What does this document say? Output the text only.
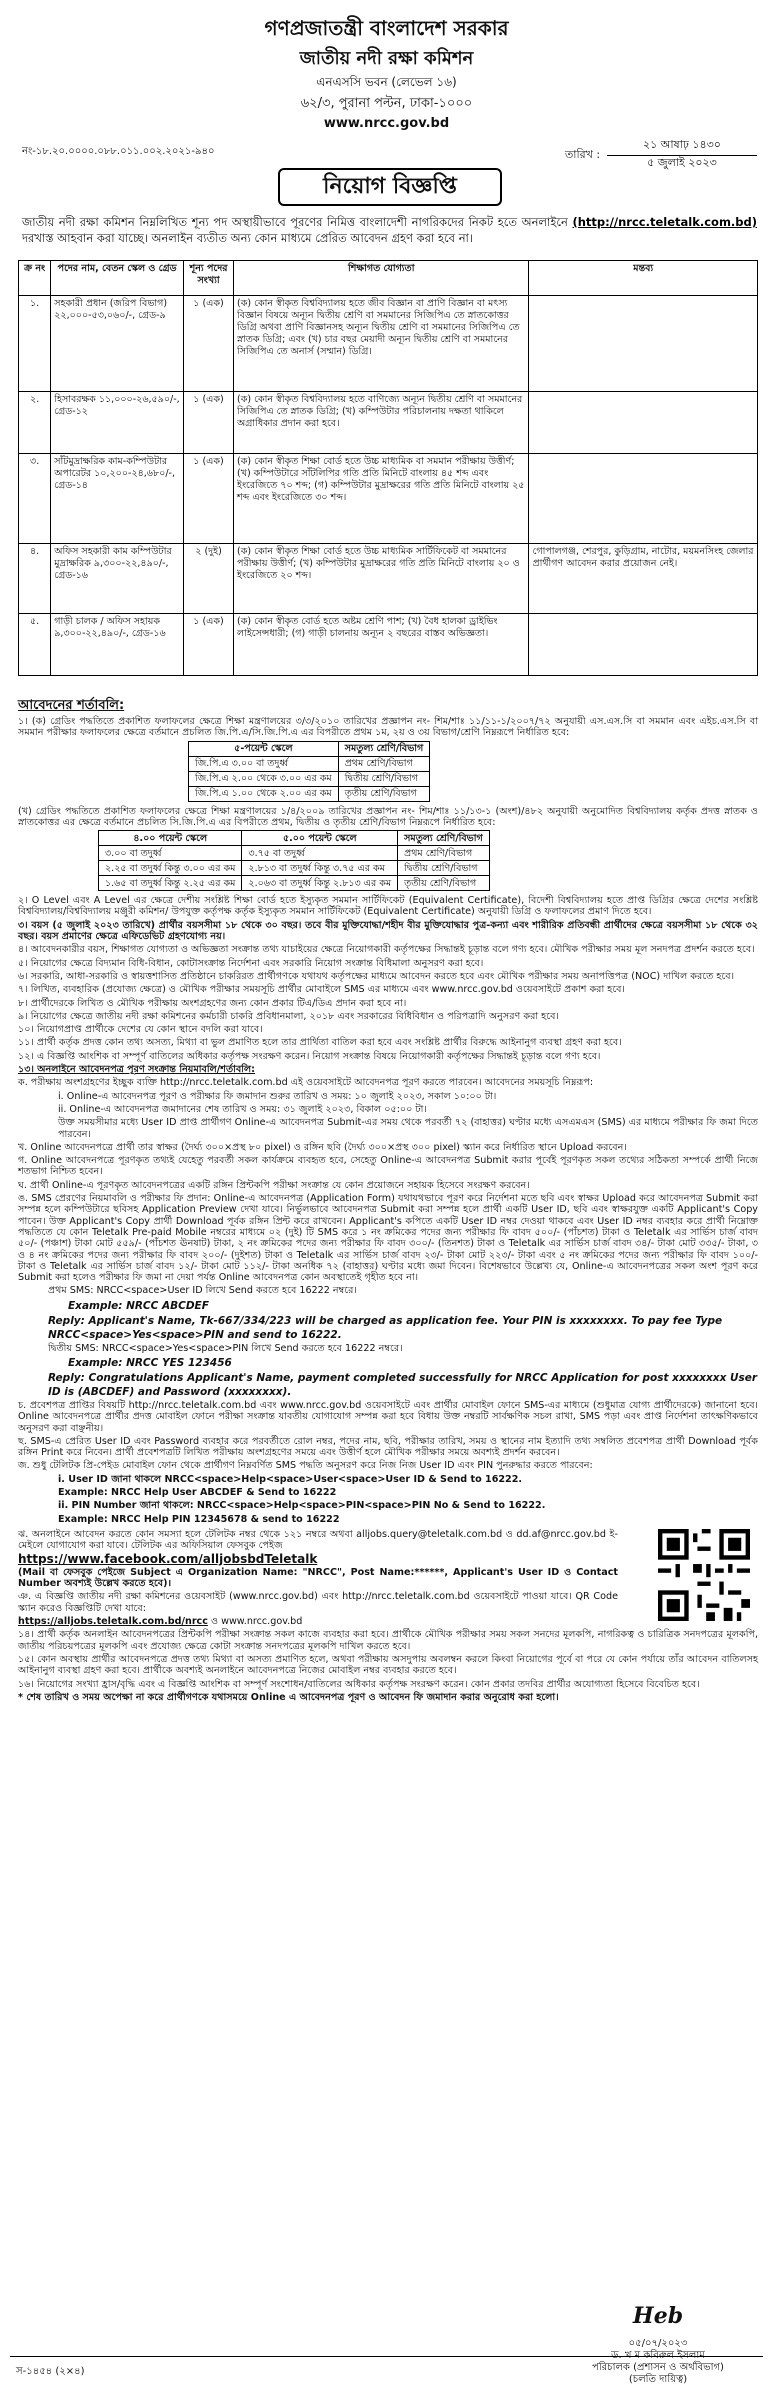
গণপ্রজাতন্ত্রী বাংলাদেশ সরকার
জাতীয় নদী রক্ষা কমিশন
এনএসসি ভবন (লেভেল ১৬)
৬২/৩, পুরানা পল্টন, ঢাকা-১০০০
www.nrcc.gov.bd
নং-১৮.২০.০০০০.০৮৮.০১১.০০২.২০২১-৯৪০	তারিখ :
২১ আষাঢ় ১৪৩০
৫ জুলাই ২০২৩
নিয়োগ বিজ্ঞপ্তি
জাতীয় নদী রক্ষা কমিশন নিম্নলিখিত শূন্য পদ অস্থায়ীভাবে পূরণের নিমিত্ত বাংলাদেশী নাগরিকদের নিকট হতে অনলাইনে (http://nrcc.teletalk.com.bd) দরখাস্ত আহবান করা যাচ্ছে। অনলাইন ব্যতীত অন্য কোন মাধ্যমে প্রেরিত আবেদন গ্রহণ করা হবে না।
ক্র নং	পদের নাম, বেতন স্কেল ও গ্রেড	শূন্য পদের সংখ্যা	শিক্ষাগত যোগ্যতা	মন্তব্য
১.	সহকারী প্রধান (জরিপ বিভাগ) ২২,০০০-৫৩,০৬০/-, গ্রেড-৯	১ (এক)	(ক) কোন স্বীকৃত বিশ্ববিদ্যালয় হতে জীব বিজ্ঞান বা প্রাণি বিজ্ঞান বা মৎস্য বিজ্ঞান বিষয়ে অন্যূন দ্বিতীয় শ্রেণি বা সমমানের সিজিপিএ তে স্নাতকোত্তর ডিগ্রি অথবা প্রাণি বিজ্ঞানসহ অন্যূন দ্বিতীয় শ্রেণি বা সমমানের সিজিপিএ তে স্নাতক ডিগ্রি; এবং (খ) চার বছর মেয়াদী অন্যূন দ্বিতীয় শ্রেণি বা সমমানের সিজিপিএ তে অনার্স (সম্মান) ডিগ্রি।	
২.	হিসাবরক্ষক ১১,০০০-২৬,৫৯০/-, গ্রেড-১২	১ (এক)	(ক) কোন স্বীকৃত বিশ্ববিদ্যালয় হতে বাণিজ্যে অন্যূন দ্বিতীয় শ্রেণি বা সমমানের সিজিপিএ তে স্নাতক ডিগ্রি; (খ) কম্পিউটার পরিচালনায় দক্ষতা থাকিলে অগ্রাধিকার প্রদান করা হবে।	
৩.	সাঁটমুদ্রাক্ষরিক কাম-কম্পিউটার অপারেটর ১০,২০০-২৪,৬৮০/-, গ্রেড-১৪	১ (এক)	(ক) কোন স্বীকৃত শিক্ষা বোর্ড হতে উচ্চ মাধ্যমিক বা সমমান পরীক্ষায় উত্তীর্ণ; (খ) কম্পিউটারে সাঁটলিপির গতি প্রতি মিনিটে বাংলায় ৪৫ শব্দ এবং ইংরেজিতে ৭০ শব্দ; (গ) কম্পিউটার মুদ্রাক্ষরের গতি প্রতি মিনিটে বাংলায় ২৫ শব্দ এবং ইংরেজিতে ৩০ শব্দ।	
৪.	অফিস সহকারী কাম কম্পিউটার মুদ্রাক্ষরিক ৯,৩০০-২২,৪৯০/-, গ্রেড-১৬	২ (দুই)	(ক) কোন স্বীকৃত শিক্ষা বোর্ড হতে উচ্চ মাধ্যমিক সার্টিফিকেট বা সমমানের পরীক্ষায় উত্তীর্ণ; (খ) কম্পিউটার মুদ্রাক্ষরের গতি প্রতি মিনিটে বাংলায় ২০ ও ইংরেজিতে ২০ শব্দ।	গোপালগঞ্জ, শেরপুর, কুড়িগ্রাম, নাটোর, ময়মনসিংহ জেলার প্রার্থীগণ আবেদন করার প্রয়োজন নেই।
৫.	গাড়ী চালক / অফিস সহায়ক ৯,৩০০-২২,৪৯০/-, গ্রেড-১৬	১ (এক)	(ক) কোন স্বীকৃত বোর্ড হতে অষ্টম শ্রেণি পাশ; (খ) বৈধ হালকা ড্রাইভিং লাইসেন্সধারী; (গ) গাড়ী চালনায় অন্যূন ২ বছরের বাস্তব অভিজ্ঞতা।	
আবেদনের শর্তাবলি:

১। (ক) গ্রেডিং পদ্ধতিতে প্রকাশিত ফলাফলের ক্ষেত্রে শিক্ষা মন্ত্রণালয়ের ৩/৩/২০১০ তারিখের প্রজ্ঞাপন নং- শিম/শাঃ ১১/১১-১/২০০৭/৭২ অনুযায়ী এস.এস.সি বা সমমান এবং এইচ.এস.সি বা সমমান পরীক্ষার ফলাফলের ক্ষেত্রে বর্তমানে প্রচলিত জি.পি.এ/সি.জি.পি.এ এর বিপরীতে প্রথম ১ম, ২য় ও ৩য় বিভাগ/শ্রেণি নিম্নরূপে নির্ধারিত হবে:

৫-পয়েন্ট স্কেলে	সমতুল্য শ্রেণি/বিভাগ
জি.পি.এ ৩.০০ বা তদুর্ধ্ব	প্রথম শ্রেণি/বিভাগ
জি.পি.এ ২.০০ থেকে ৩.০০ এর কম	দ্বিতীয় শ্রেণি/বিভাগ
জি.পি.এ ১.০০ থেকে ২.০০ এর কম	তৃতীয় শ্রেণি/বিভাগ

(খ) গ্রেডিং পদ্ধতিতে প্রকাশিত ফলাফলের ক্ষেত্রে শিক্ষা মন্ত্রণালয়ের ১/৪/২০০৯ তারিখের প্রজ্ঞাপন নং- শিম/শাঃ ১১/১৩-১ (অংশ)/৪৮২ অনুযায়ী অনুমোদিত বিশ্ববিদ্যালয় কর্তৃক প্রদত্ত স্নাতক ও স্নাতকোত্তর এর ক্ষেত্রে বর্তমানে প্রচলিত সি.জি.পি.এ এর বিপরীতে প্রথম, দ্বিতীয় ও তৃতীয় শ্রেণি/বিভাগ নিম্নরূপে নির্ধারিত হবে:

৪.০০ পয়েন্ট স্কেলে	৫.০০ পয়েন্ট স্কেলে	সমতুল্য শ্রেণি/বিভাগ
৩.০০ বা তদুর্ধ্ব	৩.৭৫ বা তদুর্ধ্ব	প্রথম শ্রেণি/বিভাগ
২.২৫ বা তদুর্ধ্ব কিন্তু ৩.০০ এর কম	২.৮১৩ বা তদুর্ধ্ব কিন্তু ৩.৭৫ এর কম	দ্বিতীয় শ্রেণি/বিভাগ
১.৬৫ বা তদুর্ধ্ব কিন্তু ২.২৫ এর কম	২.০৬৩ বা তদুর্ধ্ব কিন্তু ২.৮১৩ এর কম	তৃতীয় শ্রেণি/বিভাগ

২। O Level এবং A Level এর ক্ষেত্রে দেশীয় সংশ্লিষ্ট শিক্ষা বোর্ড হতে ইস্যুকৃত সমমান সার্টিফিকেট (Equivalent Certificate), বিদেশী বিশ্ববিদ্যালয় হতে প্রাপ্ত ডিগ্রির ক্ষেত্রে দেশের সংশ্লিষ্ট বিশ্ববিদ্যালয়/বিশ্ববিদ্যালয় মঞ্জুরী কমিশন/ উপযুক্ত কর্তৃপক্ষ কর্তৃক ইস্যুকৃত সমমান সার্টিফিকেট (Equivalent Certificate) অনুযায়ী ডিগ্রি ও ফলাফলের প্রমাণ দিতে হবে।

৩। বয়স (৫ জুলাই ২০২৩ তারিখে) প্রার্থীর বয়সসীমা ১৮ থেকে ৩০ বছর। তবে বীর মুক্তিযোদ্ধা/শহীদ বীর মুক্তিযোদ্ধার পুত্র-কন্যা এবং শারীরিক প্রতিবন্ধী প্রার্থীদের ক্ষেত্রে বয়সসীমা ১৮ থেকে ৩২ বছর। বয়স প্রমাণের ক্ষেত্রে এফিডেভিট গ্রহণযোগ্য নয়।

৪। আবেদনকারীর বয়স, শিক্ষাগত যোগ্যতা ও অভিজ্ঞতা সংক্রান্ত তথ্য যাচাইয়ের ক্ষেত্রে নিয়োগকারী কর্তৃপক্ষের সিদ্ধান্তই চূড়ান্ত বলে গণ্য হবে। মৌখিক পরীক্ষার সময় মূল সনদপত্র প্রদর্শন করতে হবে।

৫। নিয়োগের ক্ষেত্রে বিদ্যমান বিধি-বিধান, কোটাসংক্রান্ত নির্দেশনা এবং সরকারি নিয়োগ সংক্রান্ত বিধিমালা অনুসরণ করা হবে।

৬। সরকারি, আধা-সরকারি ও স্বায়ত্তশাসিত প্রতিষ্ঠানে চাকরিরত প্রার্থীগণকে যথাযথ কর্তৃপক্ষের মাধ্যমে আবেদন করতে হবে এবং মৌখিক পরীক্ষার সময় অনাপত্তিপত্র (NOC) দাখিল করতে হবে।

৭। লিখিত, ব্যবহারিক (প্রযোজ্য ক্ষেত্রে) ও মৌখিক পরীক্ষার সময়সূচি প্রার্থীর মোবাইলে SMS এর মাধ্যমে এবং www.nrcc.gov.bd ওয়েবসাইটে প্রকাশ করা হবে।

৮। প্রার্থীদেরকে লিখিত ও মৌখিক পরীক্ষায় অংশগ্রহণের জন্য কোন প্রকার টিএ/ডিএ প্রদান করা হবে না।

৯। নিয়োগের ক্ষেত্রে জাতীয় নদী রক্ষা কমিশনের কর্মচারী চাকরি প্রবিধানমালা, ২০১৮ এবং সরকারের বিধিবিধান ও পরিপত্রাদি অনুসরণ করা হবে।

১০। নিয়োগপ্রাপ্ত প্রার্থীকে দেশের যে কোন স্থানে বদলি করা যাবে।

১১। প্রার্থী কর্তৃক প্রদত্ত কোন তথ্য অসত্য, মিথ্যা বা ভুল প্রমাণিত হলে তার প্রার্থিতা বাতিল করা হবে এবং সংশ্লিষ্ট প্রার্থীর বিরুদ্ধে আইনানুগ ব্যবস্থা গ্রহণ করা হবে।

১২। এ বিজ্ঞপ্তি আংশিক বা সম্পূর্ণ বাতিলের অধিকার কর্তৃপক্ষ সংরক্ষণ করেন। নিয়োগ সংক্রান্ত বিষয়ে নিয়োগকারী কর্তৃপক্ষের সিদ্ধান্তই চূড়ান্ত বলে গণ্য হবে।

১৩। অনলাইনে আবেদনপত্র পূরণ সংক্রান্ত নিয়মাবলি/শর্তাবলি:

ক. পরীক্ষায় অংশগ্রহণের ইচ্ছুক ব্যক্তি http://nrcc.teletalk.com.bd এই ওয়েবসাইটে আবেদনপত্র পূরণ করতে পারবেন। আবেদনের সময়সূচি নিম্নরূপ:

i. Online-এ আবেদনপত্র পূরণ ও পরীক্ষার ফি জমাদান শুরুর তারিখ ও সময়: ১০ জুলাই ২০২৩, সকাল ১০:০০ টা।

ii. Online-এ আবেদনপত্র জমাদানের শেষ তারিখ ও সময়: ৩১ জুলাই ২০২৩, বিকাল ০৫:০০ টা।

উক্ত সময়সীমার মধ্যে User ID প্রাপ্ত প্রার্থীগণ Online-এ আবেদনপত্র Submit-এর সময় থেকে পরবর্তী ৭২ (বাহাত্তর) ঘণ্টার মধ্যে এসএমএস (SMS) এর মাধ্যমে পরীক্ষার ফি জমা দিতে পারবেন।

খ. Online আবেদনপত্রে প্রার্থী তার স্বাক্ষর (দৈর্ঘ্য ৩০০×প্রস্থ ৮০ pixel) ও রঙ্গিন ছবি (দৈর্ঘ্য ৩০০×প্রস্থ ৩০০ pixel) স্ক্যান করে নির্ধারিত স্থানে Upload করবেন।

গ. Online আবেদনপত্রে পূরণকৃত তথ্যই যেহেতু পরবর্তী সকল কার্যক্রমে ব্যবহৃত হবে, সেহেতু Online-এ আবেদনপত্র Submit করার পূর্বেই পূরণকৃত সকল তথ্যের সঠিকতা সম্পর্কে প্রার্থী নিজে শতভাগ নিশ্চিত হবেন।

ঘ. প্রার্থী Online-এ পূরণকৃত আবেদনপত্রের একটি রঙ্গিন প্রিন্টকপি পরীক্ষা সংক্রান্ত যে কোন প্রয়োজনে সহায়ক হিসেবে সংরক্ষণ করবেন।

ঙ. SMS প্রেরণের নিয়মাবলি ও পরীক্ষার ফি প্রদান: Online-এ আবেদনপত্র (Application Form) যথাযথভাবে পূরণ করে নির্দেশনা মতে ছবি এবং স্বাক্ষর Upload করে আবেদনপত্র Submit করা সম্পন্ন হলে কম্পিউটারে ছবিসহ Application Preview দেখা যাবে। নির্ভুলভাবে আবেদনপত্র Submit করা সম্পন্ন হলে প্রার্থী একটি User ID, ছবি এবং স্বাক্ষরযুক্ত একটি Applicant's Copy পাবেন। উক্ত Applicant's Copy প্রার্থী Download পূর্বক রঙ্গিন প্রিন্ট করে রাখবেন। Applicant's কপিতে একটি User ID নম্বর দেওয়া থাকবে এবং User ID নম্বর ব্যবহার করে প্রার্থী নিম্নোক্ত পদ্ধতিতে যে কোন Teletalk Pre-paid Mobile নম্বরের মাধ্যমে ০২ (দুই) টি SMS করে ১ নং ক্রমিকের পদের জন্য পরীক্ষার ফি বাবদ ৫০০/- (পাঁচশত) টাকা ও Teletalk এর সার্ভিস চার্জ বাবদ ৫০/- (পঞ্চাশ) টাকা মোট ৫৫৯/- (পাঁচশত ঊনষাট) টাকা, ২ নং ক্রমিকের পদের জন্য পরীক্ষার ফি বাবদ ৩০০/- (তিনশত) টাকা ও Teletalk এর সার্ভিস চার্জ বাবদ ৩৪/- টাকা মোট ৩৩৫/- টাকা, ৩ ও ৪ নং ক্রমিকের পদের জন্য পরীক্ষার ফি বাবদ ২০০/- (দুইশত) টাকা ও Teletalk এর সার্ভিস চার্জ বাবদ ২৩/- টাকা মোট ২২৩/- টাকা এবং ৫ নং ক্রমিকের পদের জন্য পরীক্ষার ফি বাবদ ১০০/- টাকা ও Teletalk এর সার্ভিস চার্জ বাবদ ১২/- টাকা মোট ১১২/- টাকা অনধিক ৭২ (বাহাত্তর) ঘণ্টার মধ্যে জমা দিবেন। বিশেষভাবে উল্লেখ্য যে, Online-এ আবেদনপত্রের সকল অংশ পূরণ করে Submit করা হলেও পরীক্ষার ফি জমা না দেয়া পর্যন্ত Online আবেদনপত্র কোন অবস্থাতেই গৃহীত হবে না।

প্রথম SMS: NRCC<space>User ID লিখে Send করতে হবে 16222 নম্বরে।

Example: NRCC ABCDEF
Reply: Applicant's Name, Tk-667/334/223 will be charged as application fee. Your PIN is xxxxxxxx. To pay fee Type NRCC<space>Yes<space>PIN and send to 16222.

দ্বিতীয় SMS: NRCC<space>Yes<space>PIN লিখে Send করতে হবে 16222 নম্বরে।

Example: NRCC YES 123456
Reply: Congratulations Applicant's Name, payment completed successfully for NRCC Application for post xxxxxxxx User ID is (ABCDEF) and Password (xxxxxxxx).

চ. প্রবেশপত্র প্রাপ্তির বিষয়টি http://nrcc.teletalk.com.bd এবং www.nrcc.gov.bd ওয়েবসাইটে এবং প্রার্থীর মোবাইল ফোনে SMS-এর মাধ্যমে (শুধুমাত্র যোগ্য প্রার্থীদেরকে) জানানো হবে। Online আবেদনপত্রে প্রার্থীর প্রদত্ত মোবাইল ফোনে পরীক্ষা সংক্রান্ত যাবতীয় যোগাযোগ সম্পন্ন করা হবে বিধায় উক্ত নম্বরটি সার্বক্ষণিক সচল রাখা, SMS পড়া এবং প্রাপ্ত নির্দেশনা তাৎক্ষণিকভাবে অনুসরণ করা বাঞ্ছনীয়।

ছ. SMS-এ প্রেরিত User ID এবং Password ব্যবহার করে পরবর্তীতে রোল নম্বর, পদের নাম, ছবি, পরীক্ষার তারিখ, সময় ও স্থানের নাম ইত্যাদি তথ্য সম্বলিত প্রবেশপত্র প্রার্থী Download পূর্বক রঙ্গিন Print করে নিবেন। প্রার্থী প্রবেশপত্রটি লিখিত পরীক্ষায় অংশগ্রহণের সময়ে এবং উত্তীর্ণ হলে মৌখিক পরীক্ষার সময়ে অবশ্যই প্রদর্শন করবেন।

জ. শুধু টেলিটক প্রি-পেইড মোবাইল ফোন থেকে প্রার্থীগণ নিম্নবর্ণিত SMS পদ্ধতি অনুসরণ করে নিজ নিজ User ID এবং PIN পুনরুদ্ধার করতে পারবেন:

i. User ID জানা থাকলে NRCC<space>Help<space>User<space>User ID & Send to 16222.

Example: NRCC Help User ABCDEF & Send to 16222

ii. PIN Number জানা থাকলে: NRCC<space>Help<space>PIN<space>PIN No & Send to 16222.

Example: NRCC Help PIN 12345678 & send to 16222

ঝ. অনলাইনে আবেদন করতে কোন সমস্যা হলে টেলিটক নম্বর থেকে ১২১ নম্বরে অথবা alljobs.query@teletalk.com.bd ও dd.af@nrcc.gov.bd ই-মেইলে যোগাযোগ করা যাবে। টেলিটক এর অফিসিয়াল ফেসবুক পেইজ

https://www.facebook.com/alljobsbdTeletalk

(Mail বা ফেসবুক পেইজে Subject এ Organization Name: "NRCC", Post Name:******, Applicant's User ID ও Contact Number অবশ্যই উল্লেখ করতে হবে)।

ঞ. এ বিজ্ঞপ্তি জাতীয় নদী রক্ষা কমিশনের ওয়েবসাইট (www.nrcc.gov.bd) এবং http://nrcc.teletalk.com.bd ওয়েবসাইটে পাওয়া যাবে। QR Code স্ক্যান করেও বিজ্ঞপ্তিটি দেখা যাবে:

https://alljobs.teletalk.com.bd/nrcc ও www.nrcc.gov.bd

১৪। প্রার্থী কর্তৃক অনলাইন আবেদনপত্রের প্রিন্টকপি পরীক্ষা সংক্রান্ত সকল কাজে ব্যবহার করা হবে। প্রার্থীকে মৌখিক পরীক্ষার সময় সকল সনদের মূলকপি, নাগরিকত্ব ও চারিত্রিক সনদপত্রের মূলকপি, জাতীয় পরিচয়পত্রের মূলকপি এবং প্রযোজ্য ক্ষেত্রে কোটা সংক্রান্ত সনদপত্রের মূলকপি দাখিল করতে হবে।

১৫। কোন অবস্থায় প্রার্থীর আবেদনপত্রে প্রদত্ত তথ্য মিথ্যা বা অসত্য প্রমাণিত হলে, অথবা পরীক্ষায় অসদুপায় অবলম্বন করলে কিংবা নিয়োগের পূর্বে বা পরে যে কোন পর্যায়ে তাঁর আবেদন বাতিলসহ আইনানুগ ব্যবস্থা গ্রহণ করা হবে। প্রার্থীকে অবশ্যই অনলাইনে আবেদনপত্রে নিজের মোবাইল নম্বর ব্যবহার করতে হবে।

১৬। নিয়োগের সংখ্যা হ্রাস/বৃদ্ধি এবং এ বিজ্ঞপ্তি আংশিক বা সম্পূর্ণ সংশোধন/বাতিলের অধিকার কর্তৃপক্ষ সংরক্ষণ করেন। কোন প্রকার তদবির প্রার্থীর অযোগ্যতা হিসেবে বিবেচিত হবে।

* শেষ তারিখ ও সময় অপেক্ষা না করে প্রার্থীগণকে যথাসময়ে Online এ আবেদনপত্র পূরণ ও আবেদন ফি জমাদান করার অনুরোধ করা হলো।

Heb
০৫/০৭/২০২৩
ড. খ ম কবিরুল ইসলাম
পরিচালক (প্রশাসন ও অর্থবিভাগ)
(চলতি দায়িত্ব)
স-১৪৫৪ (২×৪)
